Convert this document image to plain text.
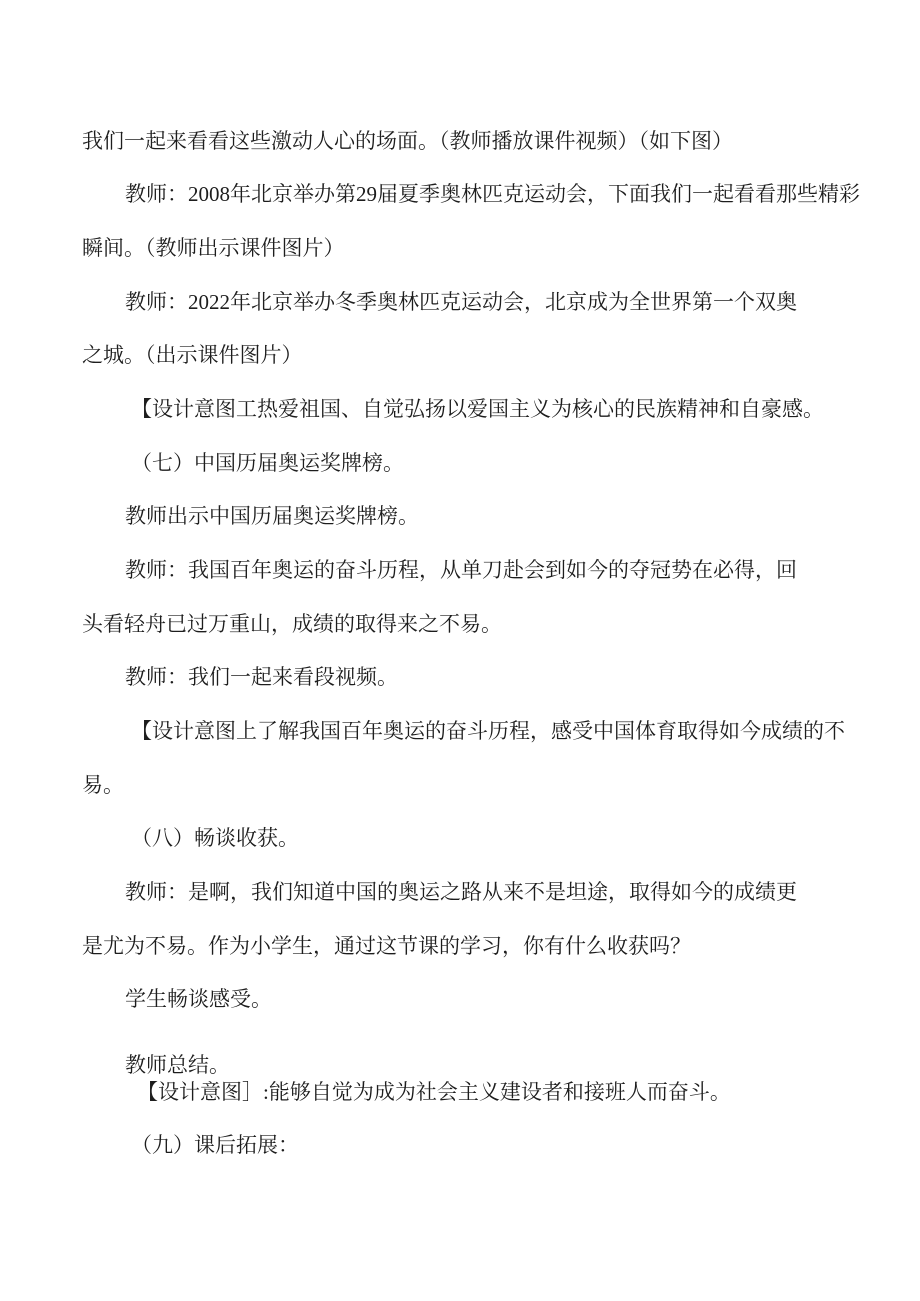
我们一起来看看这些激动人心的场面。（教师播放课件视频）（如下图）
教师：2008年北京举办第29届夏季奥林匹克运动会，下面我们一起看看那些精彩
瞬间。（教师出示课件图片）
教师：2022年北京举办冬季奥林匹克运动会，北京成为全世界第一个双奥
之城。（出示课件图片）
【设计意图工热爱祖国、自觉弘扬以爱国主义为核心的民族精神和自豪感。
（七）中国历届奥运奖牌榜。
教师出示中国历届奥运奖牌榜。
教师：我国百年奥运的奋斗历程，从单刀赴会到如今的夺冠势在必得，回
头看轻舟已过万重山，成绩的取得来之不易。
教师：我们一起来看段视频。
【设计意图上了解我国百年奥运的奋斗历程，感受中国体育取得如今成绩的不
易。
（八）畅谈收获。
教师：是啊，我们知道中国的奥运之路从来不是坦途，取得如今的成绩更
是尤为不易。作为小学生，通过这节课的学习，你有什么收获吗？
学生畅谈感受。
教师总结。
【设计意图］:能够自觉为成为社会主义建设者和接班人而奋斗。
（九）课后拓展：
